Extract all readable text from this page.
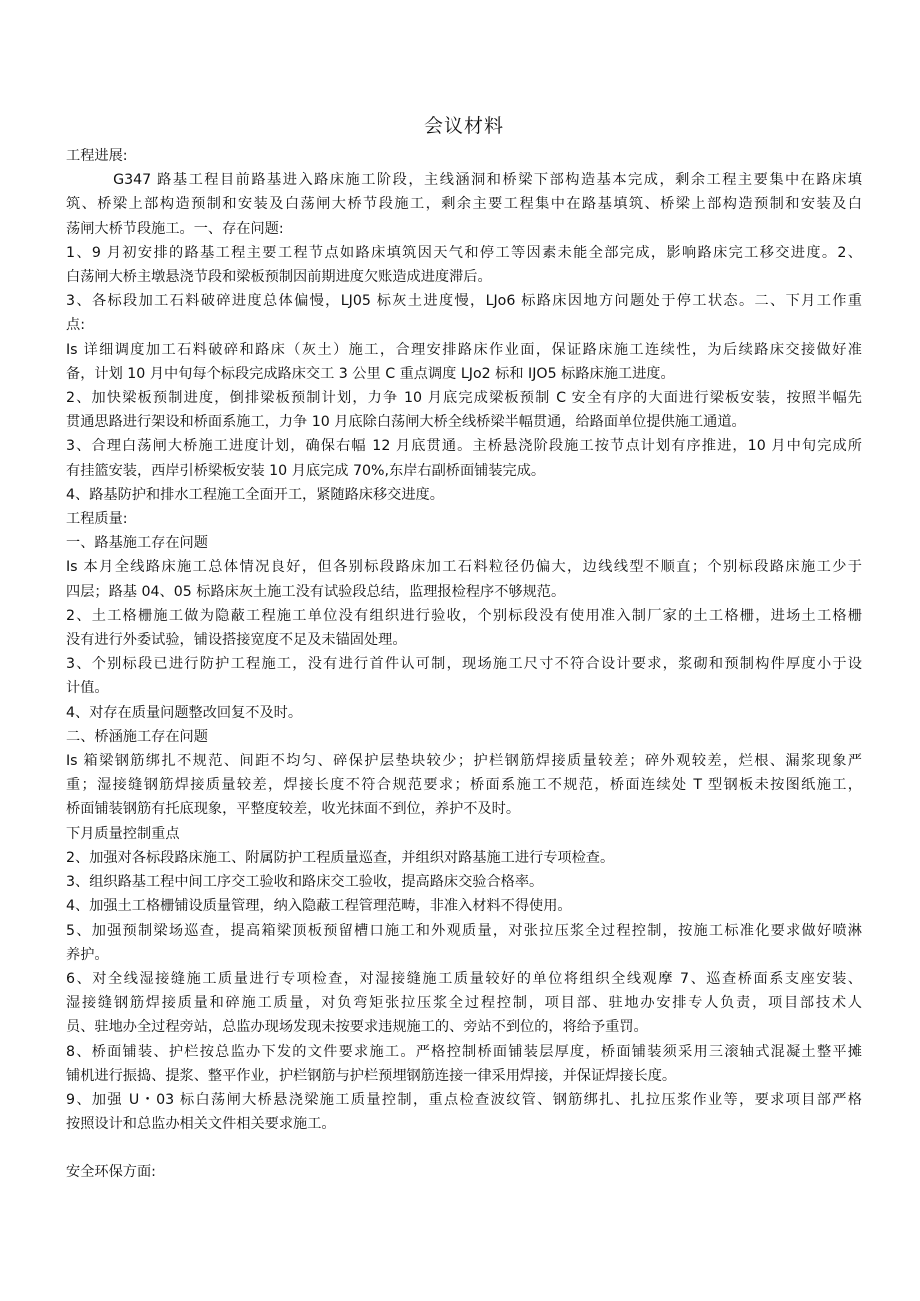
会议材料

工程进展:

　　　G347 路基工程目前路基进入路床施工阶段，主线涵洞和桥梁下部构造基本完成，剩余工程主要集中在路床填

筑、桥梁上部构造预制和安装及白荡闸大桥节段施工，剩余主要工程集中在路基填筑、桥梁上部构造预制和安装及白

荡闸大桥节段施工。一、存在问题:

1、9 月初安排的路基工程主要工程节点如路床填筑因天气和停工等因素未能全部完成，影响路床完工移交进度。2、

白荡闸大桥主墩悬浇节段和梁板预制因前期进度欠账造成进度滞后。

3、各标段加工石料破碎进度总体偏慢，LJ05 标灰土进度慢，LJo6 标路床因地方问题处于停工状态。二、下月工作重

点:

Is 详细调度加工石料破碎和路床（灰土）施工，合理安排路床作业面，保证路床施工连续性，为后续路床交接做好准

备，计划 10 月中旬每个标段完成路床交工 3 公里 C 重点调度 LJo2 标和 IJO5 标路床施工进度。

2、加快梁板预制进度，倒排梁板预制计划，力争 10 月底完成梁板预制 C 安全有序的大面进行梁板安装，按照半幅先

贯通思路进行架设和桥面系施工，力争 10 月底除白荡闸大桥全线桥梁半幅贯通，给路面单位提供施工通道。

3、合理白荡闸大桥施工进度计划，确保右幅 12 月底贯通。主桥悬浇阶段施工按节点计划有序推进，10 月中旬完成所

有挂篮安装，西岸引桥梁板安装 10 月底完成 70%,东岸右副桥面铺装完成。

4、路基防护和排水工程施工全面开工，紧随路床移交进度。

工程质量:

一、路基施工存在问题

Is 本月全线路床施工总体情况良好，但各别标段路床加工石料粒径仍偏大，边线线型不顺直；个别标段路床施工少于

四层；路基 04、05 标路床灰土施工没有试验段总结，监理报检程序不够规范。

2、土工格栅施工做为隐蔽工程施工单位没有组织进行验收，个别标段没有使用准入制厂家的土工格栅，进场土工格栅

没有进行外委试验，铺设搭接宽度不足及未锚固处理。

3、个别标段已进行防护工程施工，没有进行首件认可制，现场施工尺寸不符合设计要求，浆砌和预制构件厚度小于设

计值。

4、对存在质量问题整改回复不及时。

二、桥涵施工存在问题

Is 箱梁钢筋绑扎不规范、间距不均匀、碎保护层垫块较少；护栏钢筋焊接质量较差；碎外观较差，烂根、漏浆现象严

重；湿接缝钢筋焊接质量较差，焊接长度不符合规范要求；桥面系施工不规范，桥面连续处 T 型钢板未按图纸施工，

桥面铺装钢筋有托底现象，平整度较差，收光抹面不到位，养护不及时。

下月质量控制重点

2、加强对各标段路床施工、附属防护工程质量巡查，并组织对路基施工进行专项检查。

3、组织路基工程中间工序交工验收和路床交工验收，提高路床交验合格率。

4、加强土工格栅铺设质量管理，纳入隐蔽工程管理范畴，非准入材料不得使用。

5、加强预制梁场巡查，提高箱梁顶板预留槽口施工和外观质量，对张拉压浆全过程控制，按施工标准化要求做好喷淋

养护。

6、对全线湿接缝施工质量进行专项检查，对湿接缝施工质量较好的单位将组织全线观摩 7、巡查桥面系支座安装、

湿接缝钢筋焊接质量和碎施工质量，对负弯矩张拉压浆全过程控制，项目部、驻地办安排专人负责，项目部技术人

员、驻地办全过程旁站，总监办现场发现未按要求违规施工的、旁站不到位的，将给予重罚。

8、桥面铺装、护栏按总监办下发的文件要求施工。严格控制桥面铺装层厚度，桥面铺装须采用三滚轴式混凝土整平摊

铺机进行振捣、提浆、整平作业，护栏钢筋与护栏预埋钢筋连接一律采用焊接，并保证焊接长度。

9、加强 U・03 标白荡闸大桥悬浇梁施工质量控制，重点检查波纹管、钢筋绑扎、扎拉压浆作业等，要求项目部严格

按照设计和总监办相关文件相关要求施工。

安全环保方面:
